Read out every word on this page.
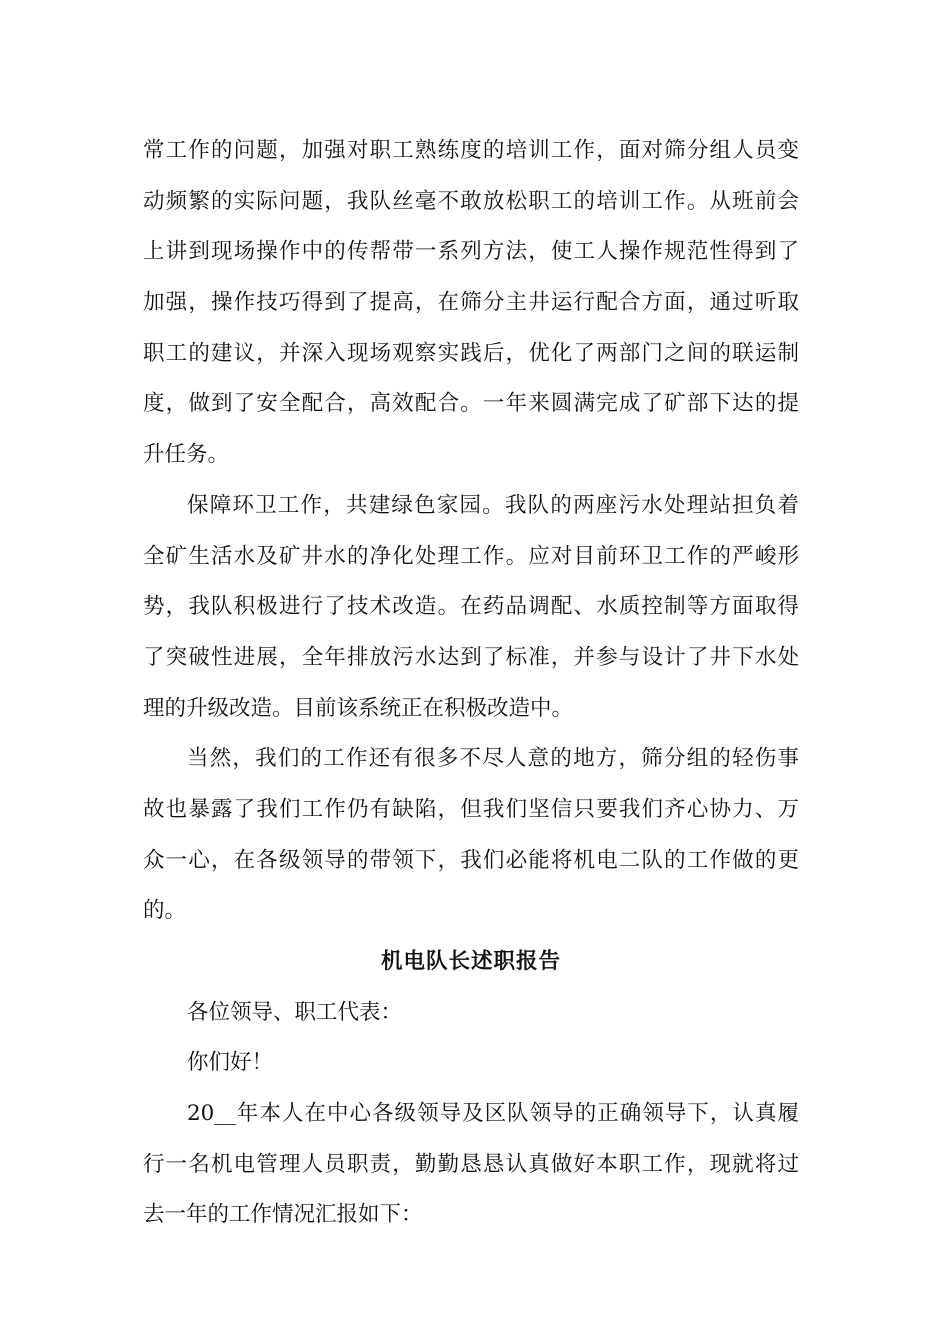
常工作的问题，加强对职工熟练度的培训工作，面对筛分组人员变
动频繁的实际问题，我队丝毫不敢放松职工的培训工作。从班前会
上讲到现场操作中的传帮带一系列方法，使工人操作规范性得到了
加强，操作技巧得到了提高，在筛分主井运行配合方面，通过听取
职工的建议，并深入现场观察实践后，优化了两部门之间的联运制
度，做到了安全配合，高效配合。一年来圆满完成了矿部下达的提
升任务。
保障环卫工作，共建绿色家园。我队的两座污水处理站担负着
全矿生活水及矿井水的净化处理工作。应对目前环卫工作的严峻形
势，我队积极进行了技术改造。在药品调配、水质控制等方面取得
了突破性进展，全年排放污水达到了标准，并参与设计了井下水处
理的升级改造。目前该系统正在积极改造中。
当然，我们的工作还有很多不尽人意的地方，筛分组的轻伤事
故也暴露了我们工作仍有缺陷，但我们坚信只要我们齐心协力、万
众一心，在各级领导的带领下，我们必能将机电二队的工作做的更
的。
机电队长述职报告
各位领导、职工代表：
你们好！
20__年本人在中心各级领导及区队领导的正确领导下，认真履
行一名机电管理人员职责，勤勤恳恳认真做好本职工作，现就将过
去一年的工作情况汇报如下：
